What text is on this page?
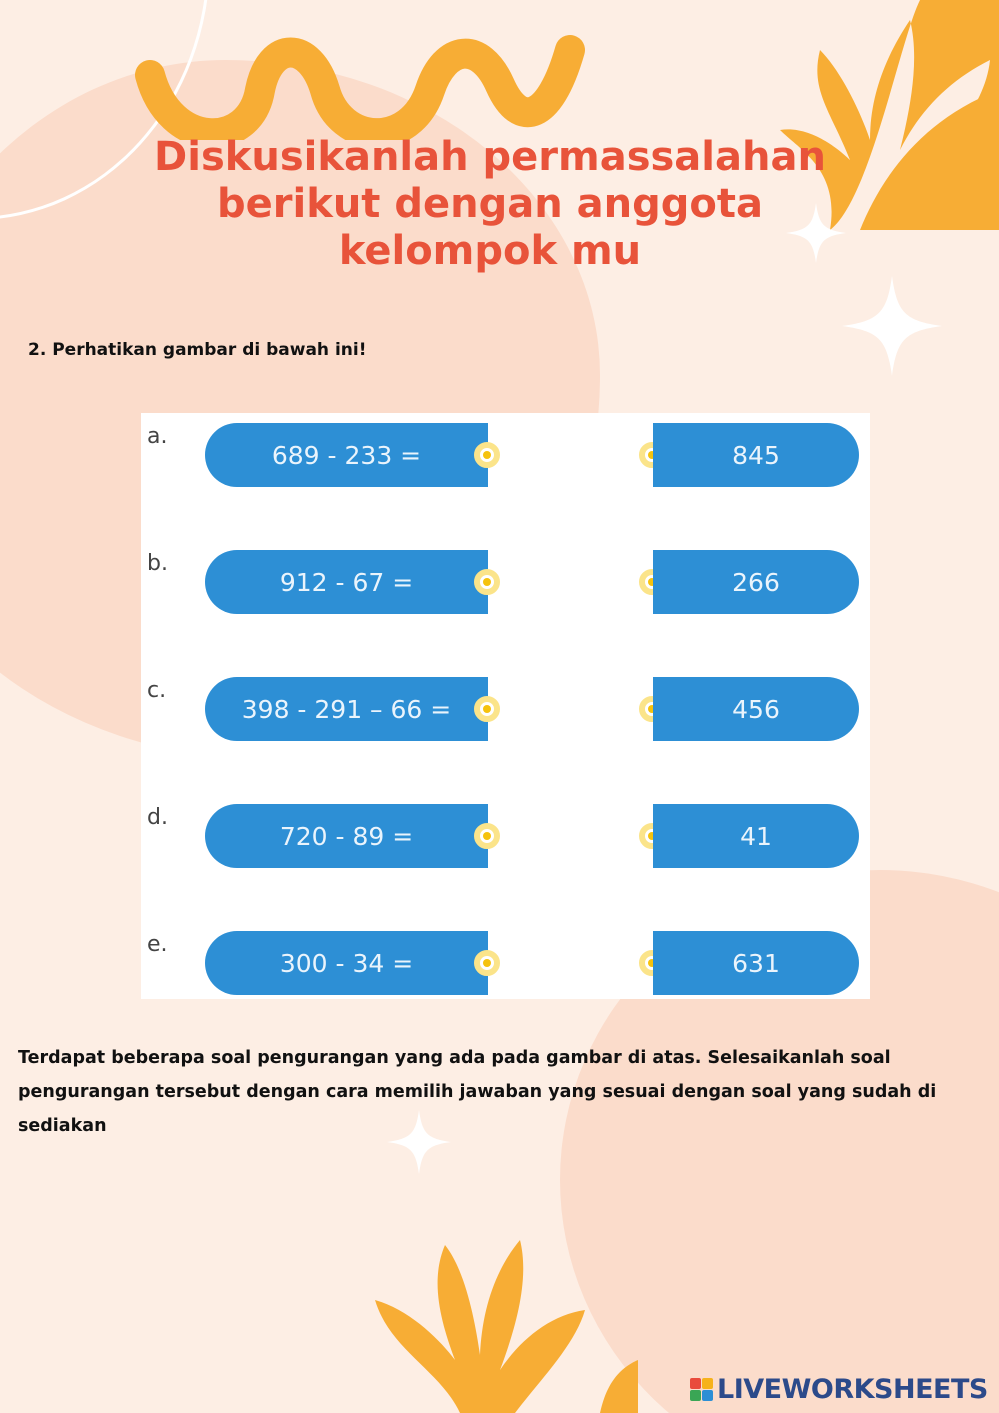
Diskusikanlah permassalahan
berikut dengan anggota
kelompok mu
2. Perhatikan gambar di bawah ini!
a.
689 - 233 =	845
b.
912 - 67 =	266
c.
398 - 291 – 66 =	456
d.
720 - 89 =	41
e.
300 - 34 =	631
Terdapat beberapa soal pengurangan yang ada pada gambar di atas. Selesaikanlah soal pengurangan tersebut dengan cara memilih jawaban yang sesuai dengan soal yang sudah di sediakan
LIVEWORKSHEETS
